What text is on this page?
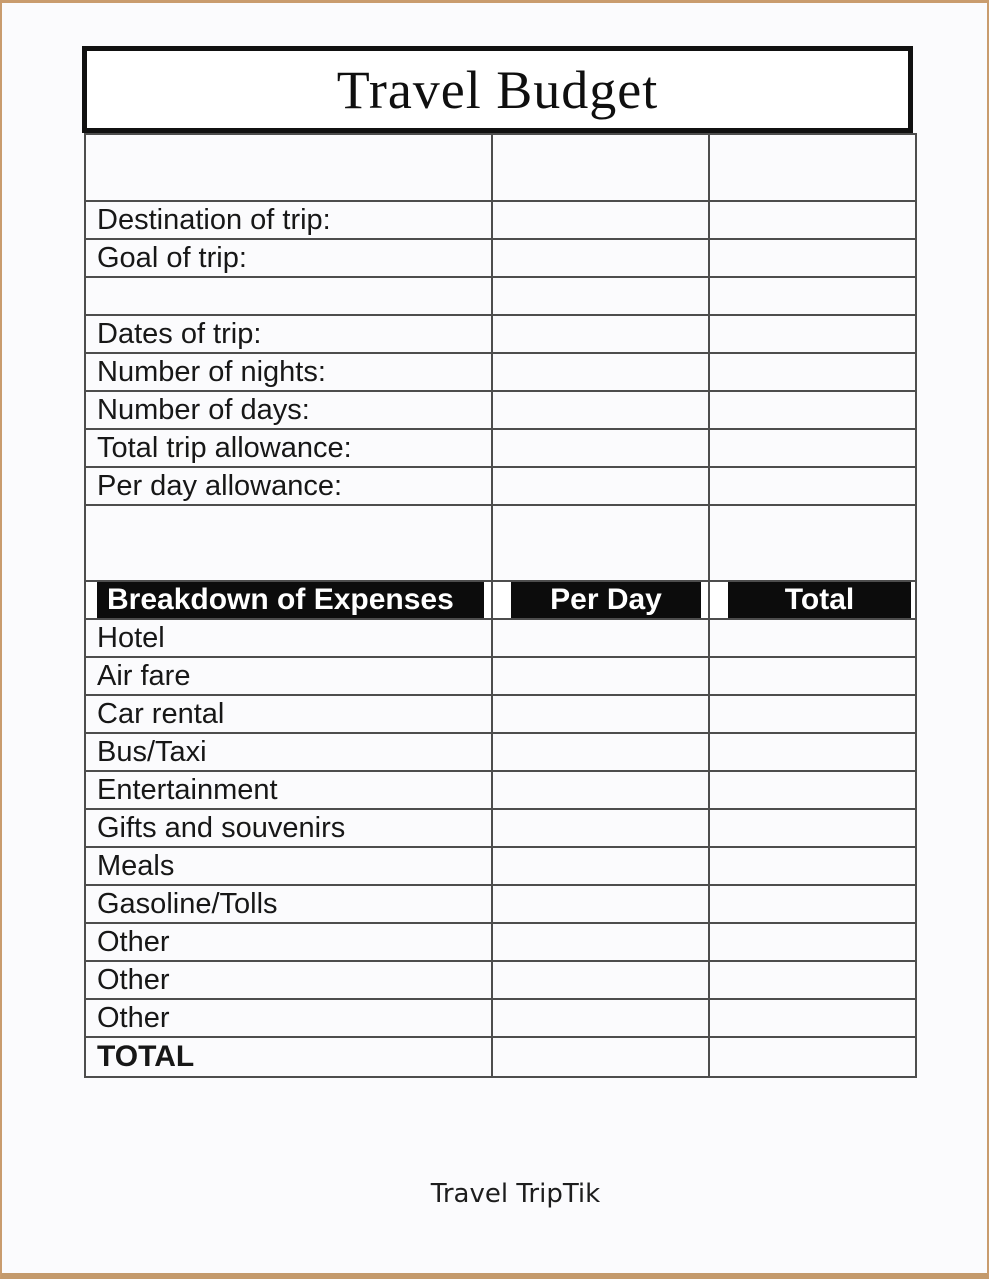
Travel Budget

Destination of trip:		
Goal of trip:		

Dates of trip:		
Number of nights:		
Number of days:		
Total trip allowance:		
Per day allowance:		

Breakdown of Expenses	Per Day	Total

Hotel		
Air fare		
Car rental		
Bus/Taxi		
Entertainment		
Gifts and souvenirs		
Meals		
Gasoline/Tolls		
Other		
Other		
Other		
TOTAL		
Travel TripTik
